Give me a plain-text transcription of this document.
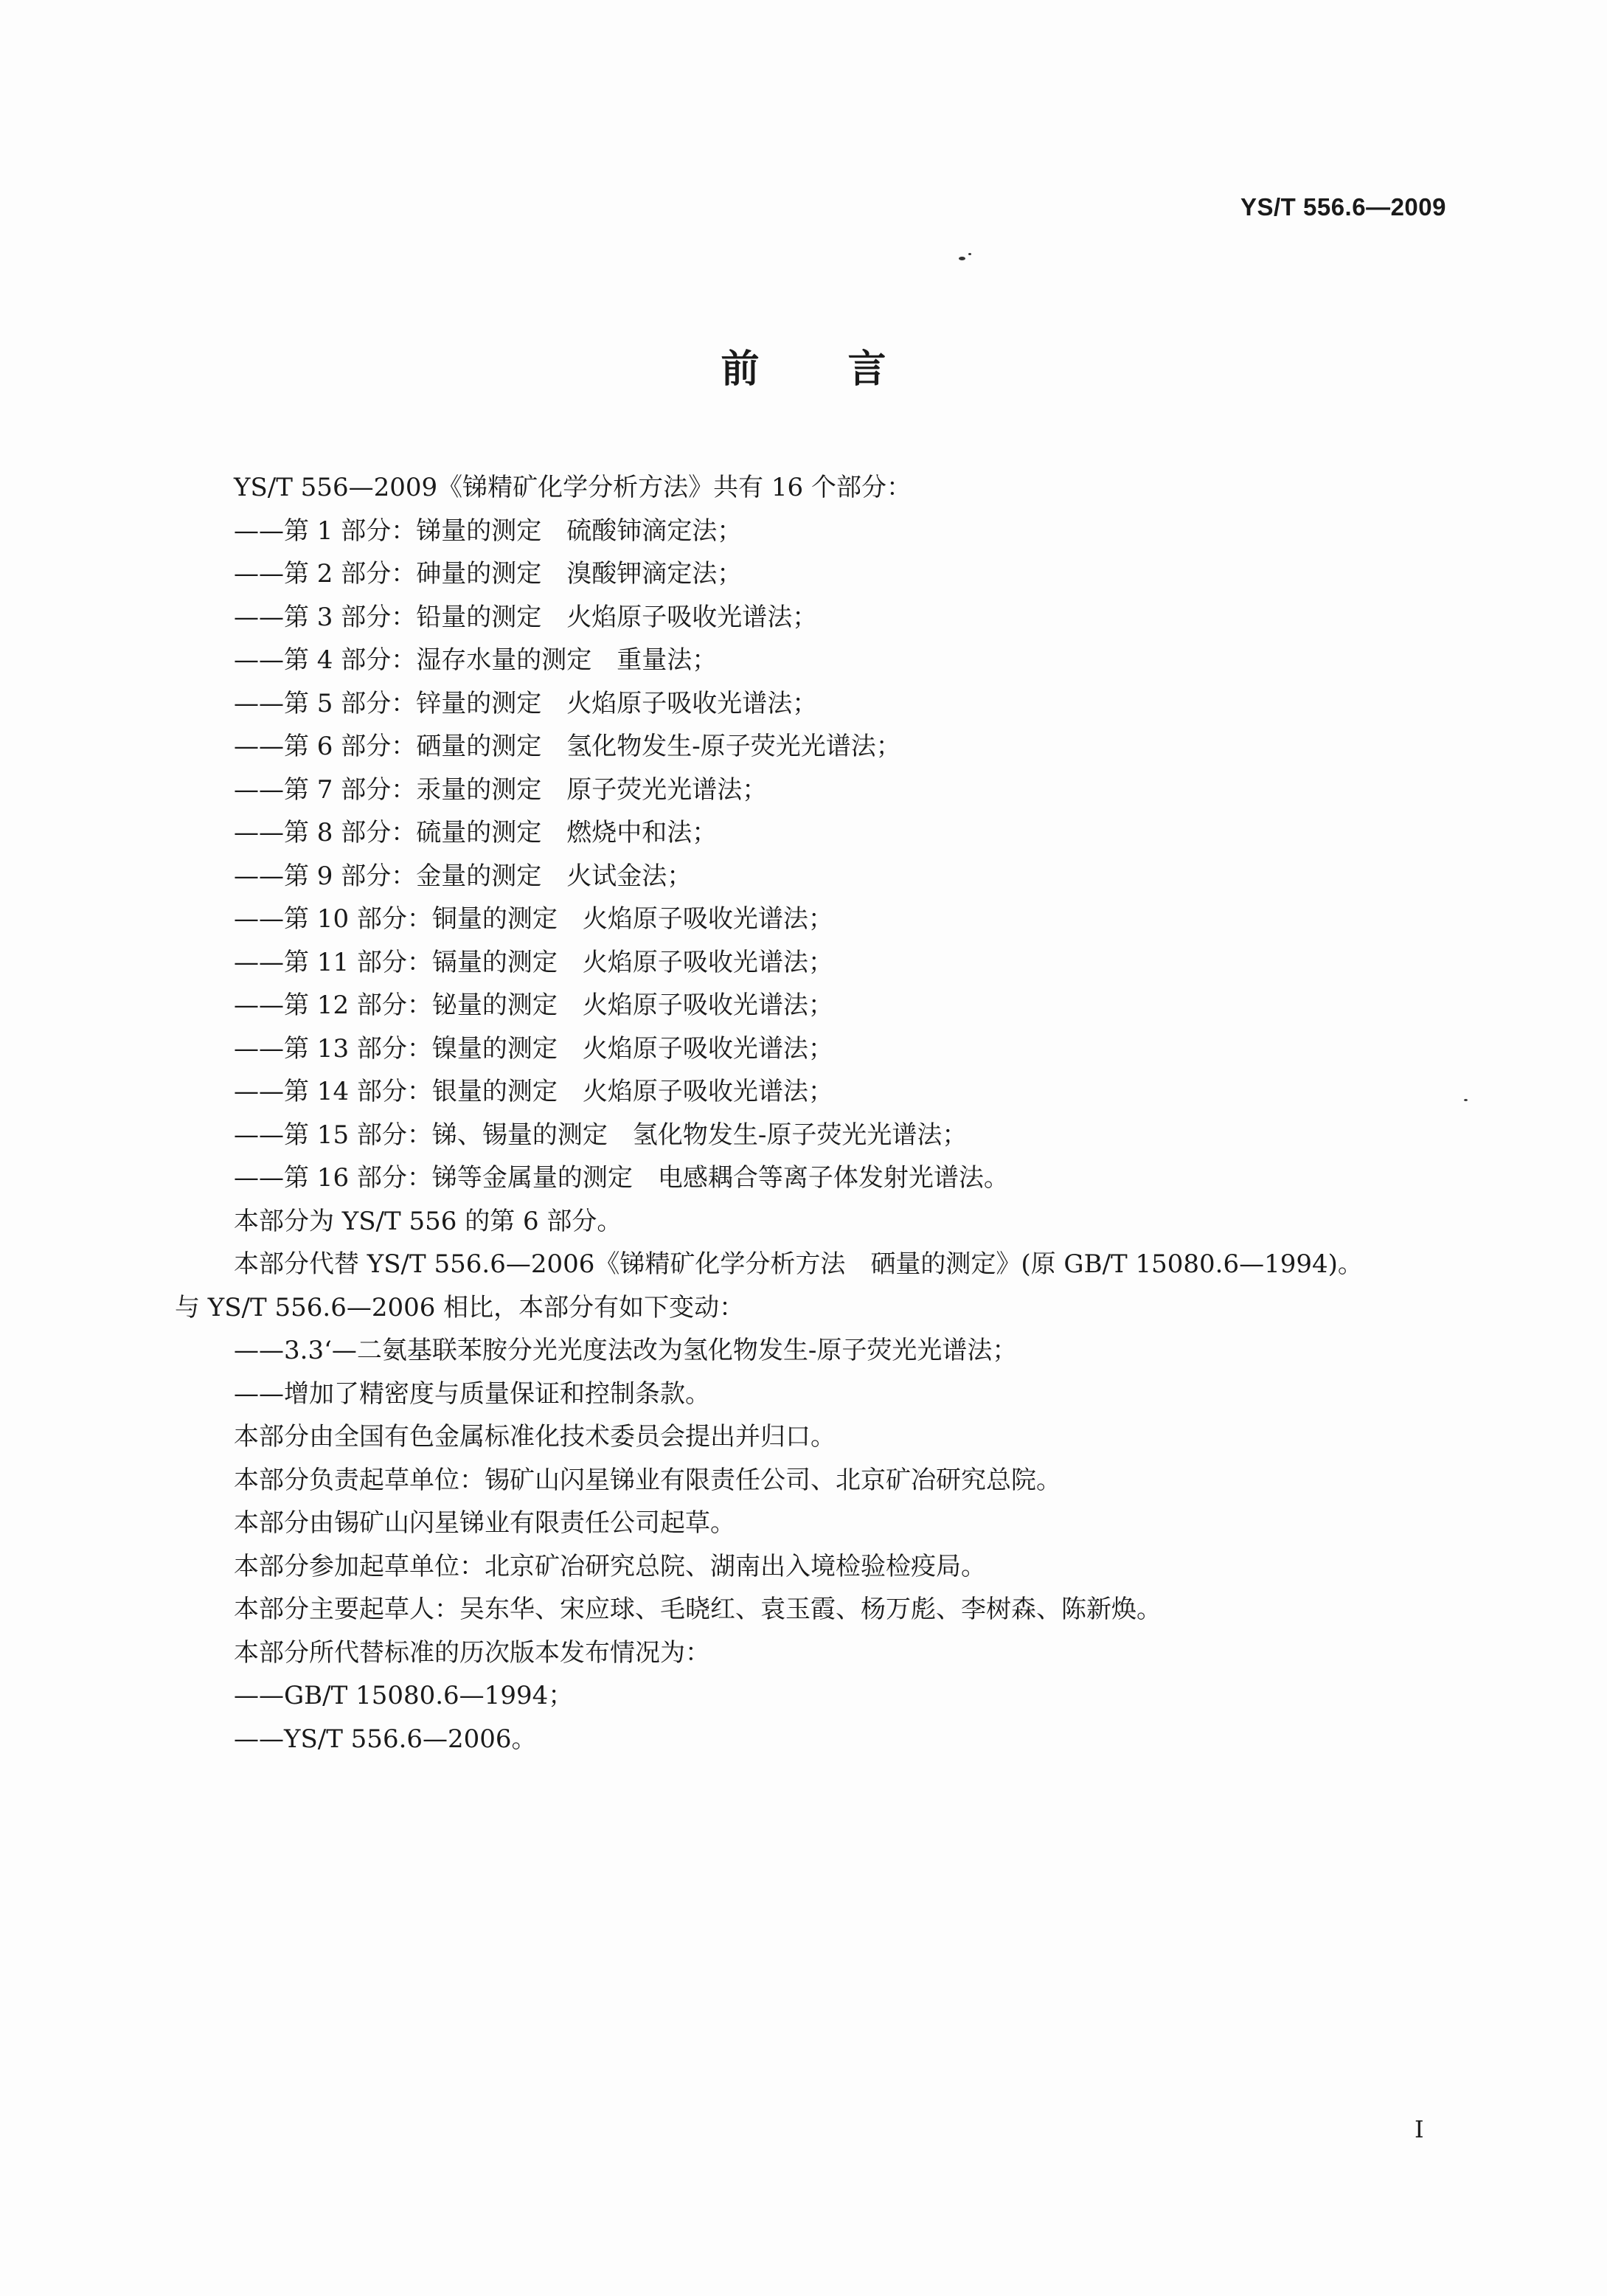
YS/T 556.6—2009
前言
YS/T 556—2009《锑精矿化学分析方法》共有 16 个部分：
——第 1 部分：锑量的测定 硫酸铈滴定法；
——第 2 部分：砷量的测定 溴酸钾滴定法；
——第 3 部分：铅量的测定 火焰原子吸收光谱法；
——第 4 部分：湿存水量的测定 重量法；
——第 5 部分：锌量的测定 火焰原子吸收光谱法；
——第 6 部分：硒量的测定 氢化物发生-原子荧光光谱法；
——第 7 部分：汞量的测定 原子荧光光谱法；
——第 8 部分：硫量的测定 燃烧中和法；
——第 9 部分：金量的测定 火试金法；
——第 10 部分：铜量的测定 火焰原子吸收光谱法；
——第 11 部分：镉量的测定 火焰原子吸收光谱法；
——第 12 部分：铋量的测定 火焰原子吸收光谱法；
——第 13 部分：镍量的测定 火焰原子吸收光谱法；
——第 14 部分：银量的测定 火焰原子吸收光谱法；
——第 15 部分：锑、锡量的测定 氢化物发生-原子荧光光谱法；
——第 16 部分：锑等金属量的测定 电感耦合等离子体发射光谱法。
本部分为 YS/T 556 的第 6 部分。
本部分代替 YS/T 556.6—2006《锑精矿化学分析方法　硒量的测定》(原 GB/T 15080.6—1994)。
与 YS/T 556.6—2006 相比，本部分有如下变动：
——3.3‘—二氨基联苯胺分光光度法改为氢化物发生-原子荧光光谱法；
——增加了精密度与质量保证和控制条款。
本部分由全国有色金属标准化技术委员会提出并归口。
本部分负责起草单位：锡矿山闪星锑业有限责任公司、北京矿冶研究总院。
本部分由锡矿山闪星锑业有限责任公司起草。
本部分参加起草单位：北京矿冶研究总院、湖南出入境检验检疫局。
本部分主要起草人：吴东华、宋应球、毛晓红、袁玉霞、杨万彪、李树森、陈新焕。
本部分所代替标准的历次版本发布情况为：
——GB/T 15080.6—1994；
——YS/T 556.6—2006。
I
